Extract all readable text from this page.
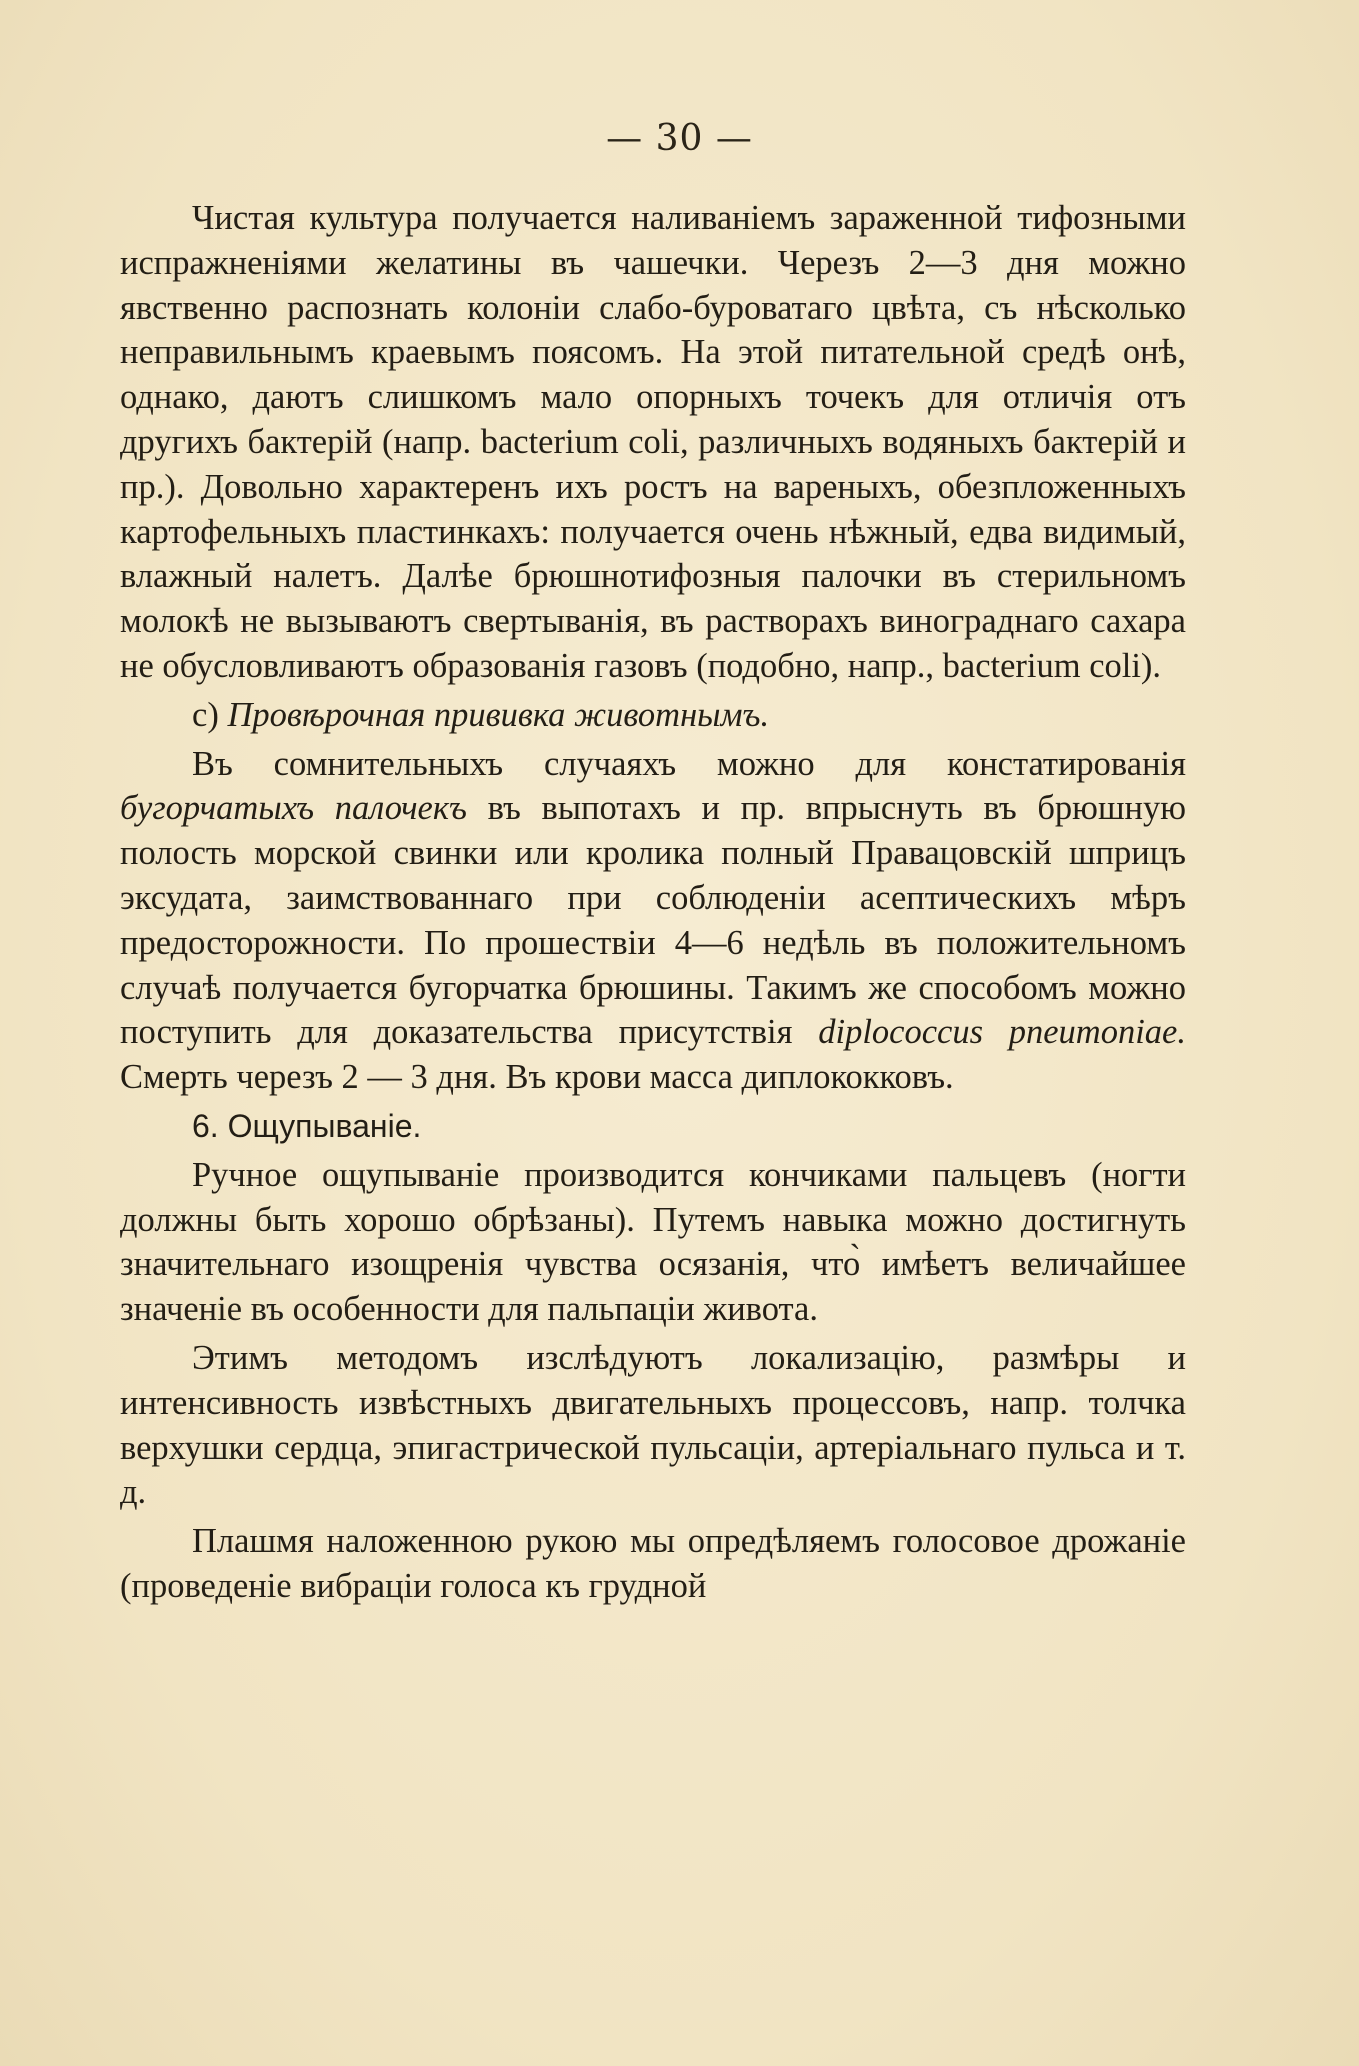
— 30 —

Чистая культура получается наливаніемъ зараженной тифозными испражненіями желатины въ чашечки. Черезъ 2—3 дня можно явственно распознать колоніи слабо-буроватаго цвѣта, съ нѣсколько неправильнымъ краевымъ поясомъ. На этой питательной средѣ онѣ, однако, даютъ слишкомъ мало опорныхъ точекъ для отличія отъ другихъ бактерій (напр. bacterium coli, различныхъ водяныхъ бактерій и пр.). Довольно характеренъ ихъ ростъ на вареныхъ, обезпложенныхъ картофельныхъ пластинкахъ: получается очень нѣжный, едва видимый, влажный налетъ. Далѣе брюшнотифозныя палочки въ стерильномъ молокѣ не вызываютъ свертыванія, въ растворахъ винограднаго сахара не обусловливаютъ образованія газовъ (подобно, напр., bacterium coli).

c) Провѣрочная прививка животнымъ.

Въ сомнительныхъ случаяхъ можно для констатированія бугорчатыхъ палочекъ въ выпотахъ и пр. впрыснуть въ брюшную полость морской свинки или кролика полный Правацовскій шприцъ эксудата, заимствованнаго при соблюденіи асептическихъ мѣръ предосторожности. По прошествіи 4—6 недѣль въ положительномъ случаѣ получается бугорчатка брюшины. Такимъ же способомъ можно поступить для доказательства присутствія diplococcus pneumoniae. Смерть черезъ 2 — 3 дня. Въ крови масса диплококковъ.

6. Ощупываніе.

Ручное ощупываніе производится кончиками пальцевъ (ногти должны быть хорошо обрѣзаны). Путемъ навыка можно достигнуть значительнаго изощренія чувства осязанія, что̀ имѣетъ величайшее значеніе въ особенности для пальпаціи живота.

Этимъ методомъ изслѣдуютъ локализацію, размѣры и интенсивность извѣстныхъ двигательныхъ процессовъ, напр. толчка верхушки сердца, эпигастрической пульсаціи, артеріальнаго пульса и т. д.

Плашмя наложенною рукою мы опредѣляемъ голосовое дрожаніе (проведеніе вибраціи голоса къ грудной
